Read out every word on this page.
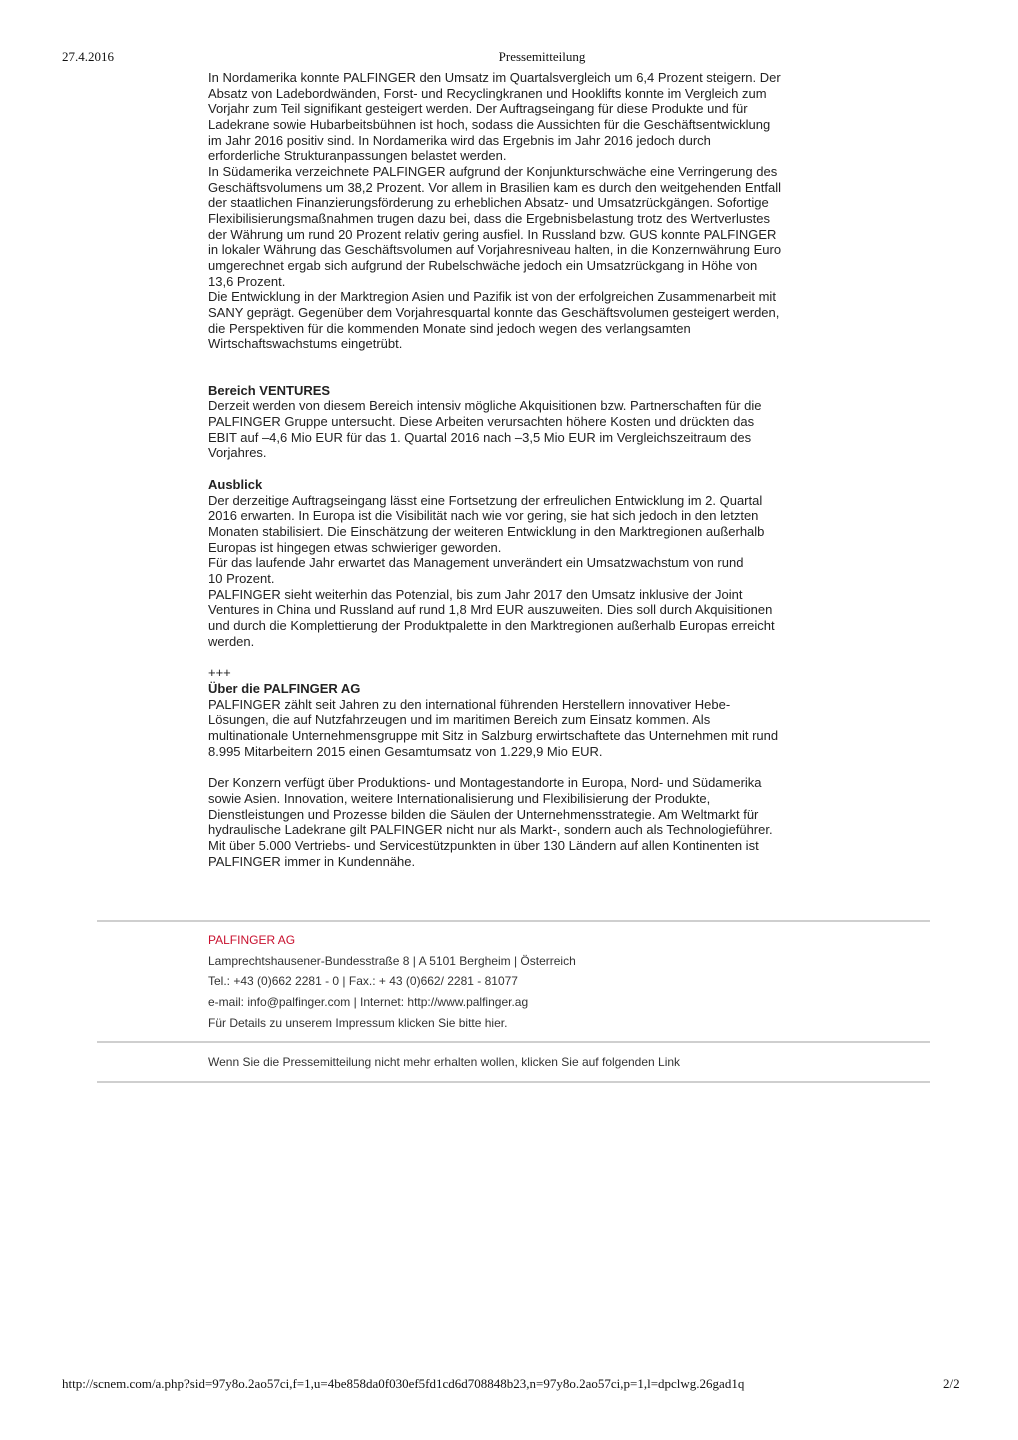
27.4.2016	Pressemitteilung

In Nordamerika konnte PALFINGER den Umsatz im Quartalsvergleich um 6,4 Prozent steigern. Der
Absatz von Ladebordwänden, Forst- und Recyclingkranen und Hooklifts konnte im Vergleich zum
Vorjahr zum Teil signifikant gesteigert werden. Der Auftragseingang für diese Produkte und für
Ladekrane sowie Hubarbeitsbühnen ist hoch, sodass die Aussichten für die Geschäftsentwicklung
im Jahr 2016 positiv sind. In Nordamerika wird das Ergebnis im Jahr 2016 jedoch durch
erforderliche Strukturanpassungen belastet werden.

In Südamerika verzeichnete PALFINGER aufgrund der Konjunkturschwäche eine Verringerung des
Geschäftsvolumens um 38,2 Prozent. Vor allem in Brasilien kam es durch den weitgehenden Entfall
der staatlichen Finanzierungsförderung zu erheblichen Absatz- und Umsatzrückgängen. Sofortige
Flexibilisierungsmaßnahmen trugen dazu bei, dass die Ergebnisbelastung trotz des Wertverlustes
der Währung um rund 20 Prozent relativ gering ausfiel. In Russland bzw. GUS konnte PALFINGER
in lokaler Währung das Geschäftsvolumen auf Vorjahresniveau halten, in die Konzernwährung Euro
umgerechnet ergab sich aufgrund der Rubelschwäche jedoch ein Umsatzrückgang in Höhe von
13,6 Prozent.

Die Entwicklung in der Marktregion Asien und Pazifik ist von der erfolgreichen Zusammenarbeit mit
SANY geprägt. Gegenüber dem Vorjahresquartal konnte das Geschäftsvolumen gesteigert werden,
die Perspektiven für die kommenden Monate sind jedoch wegen des verlangsamten
Wirtschaftswachstums eingetrübt.

Bereich VENTURES

Derzeit werden von diesem Bereich intensiv mögliche Akquisitionen bzw. Partnerschaften für die
PALFINGER Gruppe untersucht. Diese Arbeiten verursachten höhere Kosten und drückten das
EBIT auf –4,6 Mio EUR für das 1. Quartal 2016 nach –3,5 Mio EUR im Vergleichszeitraum des
Vorjahres.

Ausblick

Der derzeitige Auftragseingang lässt eine Fortsetzung der erfreulichen Entwicklung im 2. Quartal
2016 erwarten. In Europa ist die Visibilität nach wie vor gering, sie hat sich jedoch in den letzten
Monaten stabilisiert. Die Einschätzung der weiteren Entwicklung in den Marktregionen außerhalb
Europas ist hingegen etwas schwieriger geworden.

Für das laufende Jahr erwartet das Management unverändert ein Umsatzwachstum von rund
10 Prozent.

PALFINGER sieht weiterhin das Potenzial, bis zum Jahr 2017 den Umsatz inklusive der Joint
Ventures in China und Russland auf rund 1,8 Mrd EUR auszuweiten. Dies soll durch Akquisitionen
und durch die Komplettierung der Produktpalette in den Marktregionen außerhalb Europas erreicht
werden.

+++

Über die PALFINGER AG

PALFINGER zählt seit Jahren zu den international führenden Herstellern innovativer Hebe-
Lösungen, die auf Nutzfahrzeugen und im maritimen Bereich zum Einsatz kommen. Als
multinationale Unternehmensgruppe mit Sitz in Salzburg erwirtschaftete das Unternehmen mit rund
8.995 Mitarbeitern 2015 einen Gesamtumsatz von 1.229,9 Mio EUR.

Der Konzern verfügt über Produktions- und Montagestandorte in Europa, Nord- und Südamerika
sowie Asien. Innovation, weitere Internationalisierung und Flexibilisierung der Produkte,
Dienstleistungen und Prozesse bilden die Säulen der Unternehmensstrategie. Am Weltmarkt für
hydraulische Ladekrane gilt PALFINGER nicht nur als Markt-, sondern auch als Technologieführer.
Mit über 5.000 Vertriebs- und Servicestützpunkten in über 130 Ländern auf allen Kontinenten ist
PALFINGER immer in Kundennähe.

PALFINGER AG
Lamprechtshausener-Bundesstraße 8 | A 5101 Bergheim | Österreich
Tel.: +43 (0)662 2281 - 0 | Fax.: + 43 (0)662/ 2281 - 81077
e-mail: info@palfinger.com | Internet: http://www.palfinger.ag
Für Details zu unserem Impressum klicken Sie bitte hier.
Wenn Sie die Pressemitteilung nicht mehr erhalten wollen, klicken Sie auf folgenden Link
http://scnem.com/a.php?sid=97y8o.2ao57ci,f=1,u=4be858da0f030ef5fd1cd6d708848b23,n=97y8o.2ao57ci,p=1,l=dpclwg.26gad1q	2/2
